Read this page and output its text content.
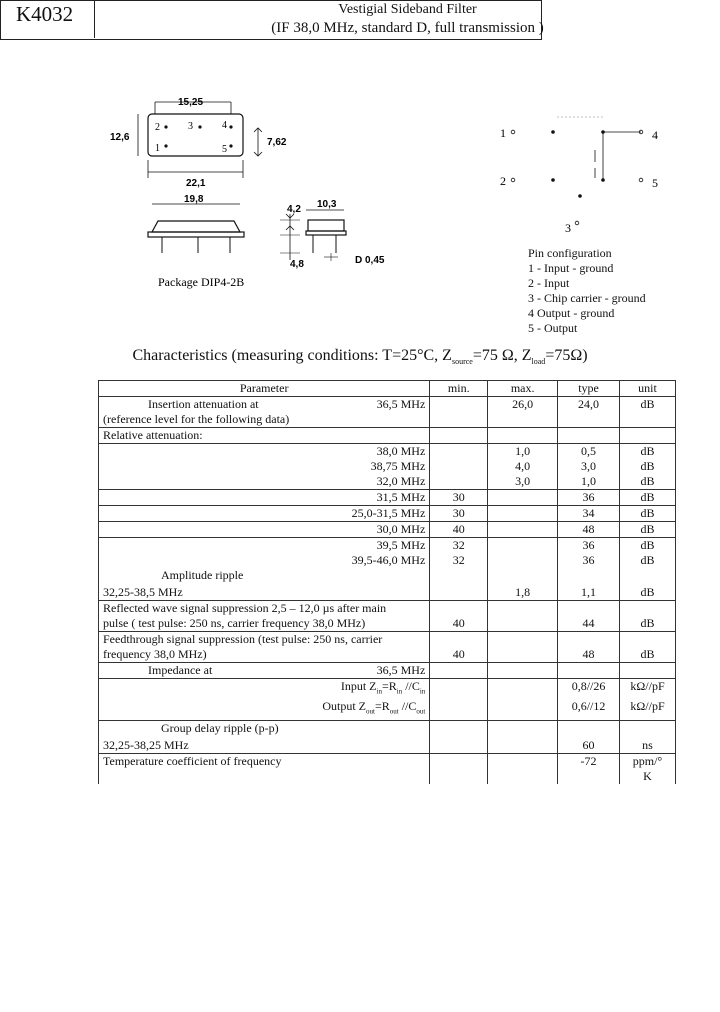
K4032	Vestigial Sideband Filter
(IF 38,0 MHz, standard D, full transmission )
15,25
12,6	7,62
22,1
2	3	4
1	5
19,8	10,3
4,2
4,8	D 0,45
Package DIP4-2B
1
2
3
4
5
Pin configuration
1 - Input - ground
2 - Input
3 - Chip carrier - ground
4 Output - ground
5 - Output
Characteristics (measuring conditions: T=25°C, $Z_{source}=75$ Ω, $Z_{load}=75\Omega$)
Parameter	min.	max.	type	unit

Insertion attenuation at 36,5 MHz
(reference level for the following data)		26,0	24,0	dB
Relative attenuation:				
38,0 MHz		1,0	0,5	dB
38,75 MHz		4,0	3,0	dB
32,0 MHz		3,0	1,0	dB
31,5 MHz	30		36	dB
25,0-31,5 MHz	30		34	dB
30,0 MHz	40		48	dB
39,5 MHz	32		36	dB
39,5-46,0 MHz	32		36	dB

Amplitude ripple
32,25-38,5 MHz		1,8	1,1	dB

Reflected wave signal suppression 2,5 – 12,0 µs after main
pulse ( test pulse: 250 ns, carrier frequency 38,0 MHz)	40		44	dB

Feedthrough signal suppression (test pulse: 250 ns, carrier
frequency 38,0 MHz)	40		48	dB

Impedance at 36,5 MHz				

Input $Z_{in}=R_{in}$ $//C_{in}$			0,8//26	kΩ//pF
Output $Z_{out}=R_{out}$ $//C_{out}$			0,6//12	kΩ//pF

Group delay ripple (p-p)
32,25-38,25 MHz			60	ns
Temperature coefficient of frequency			-72	ppm/°
K
